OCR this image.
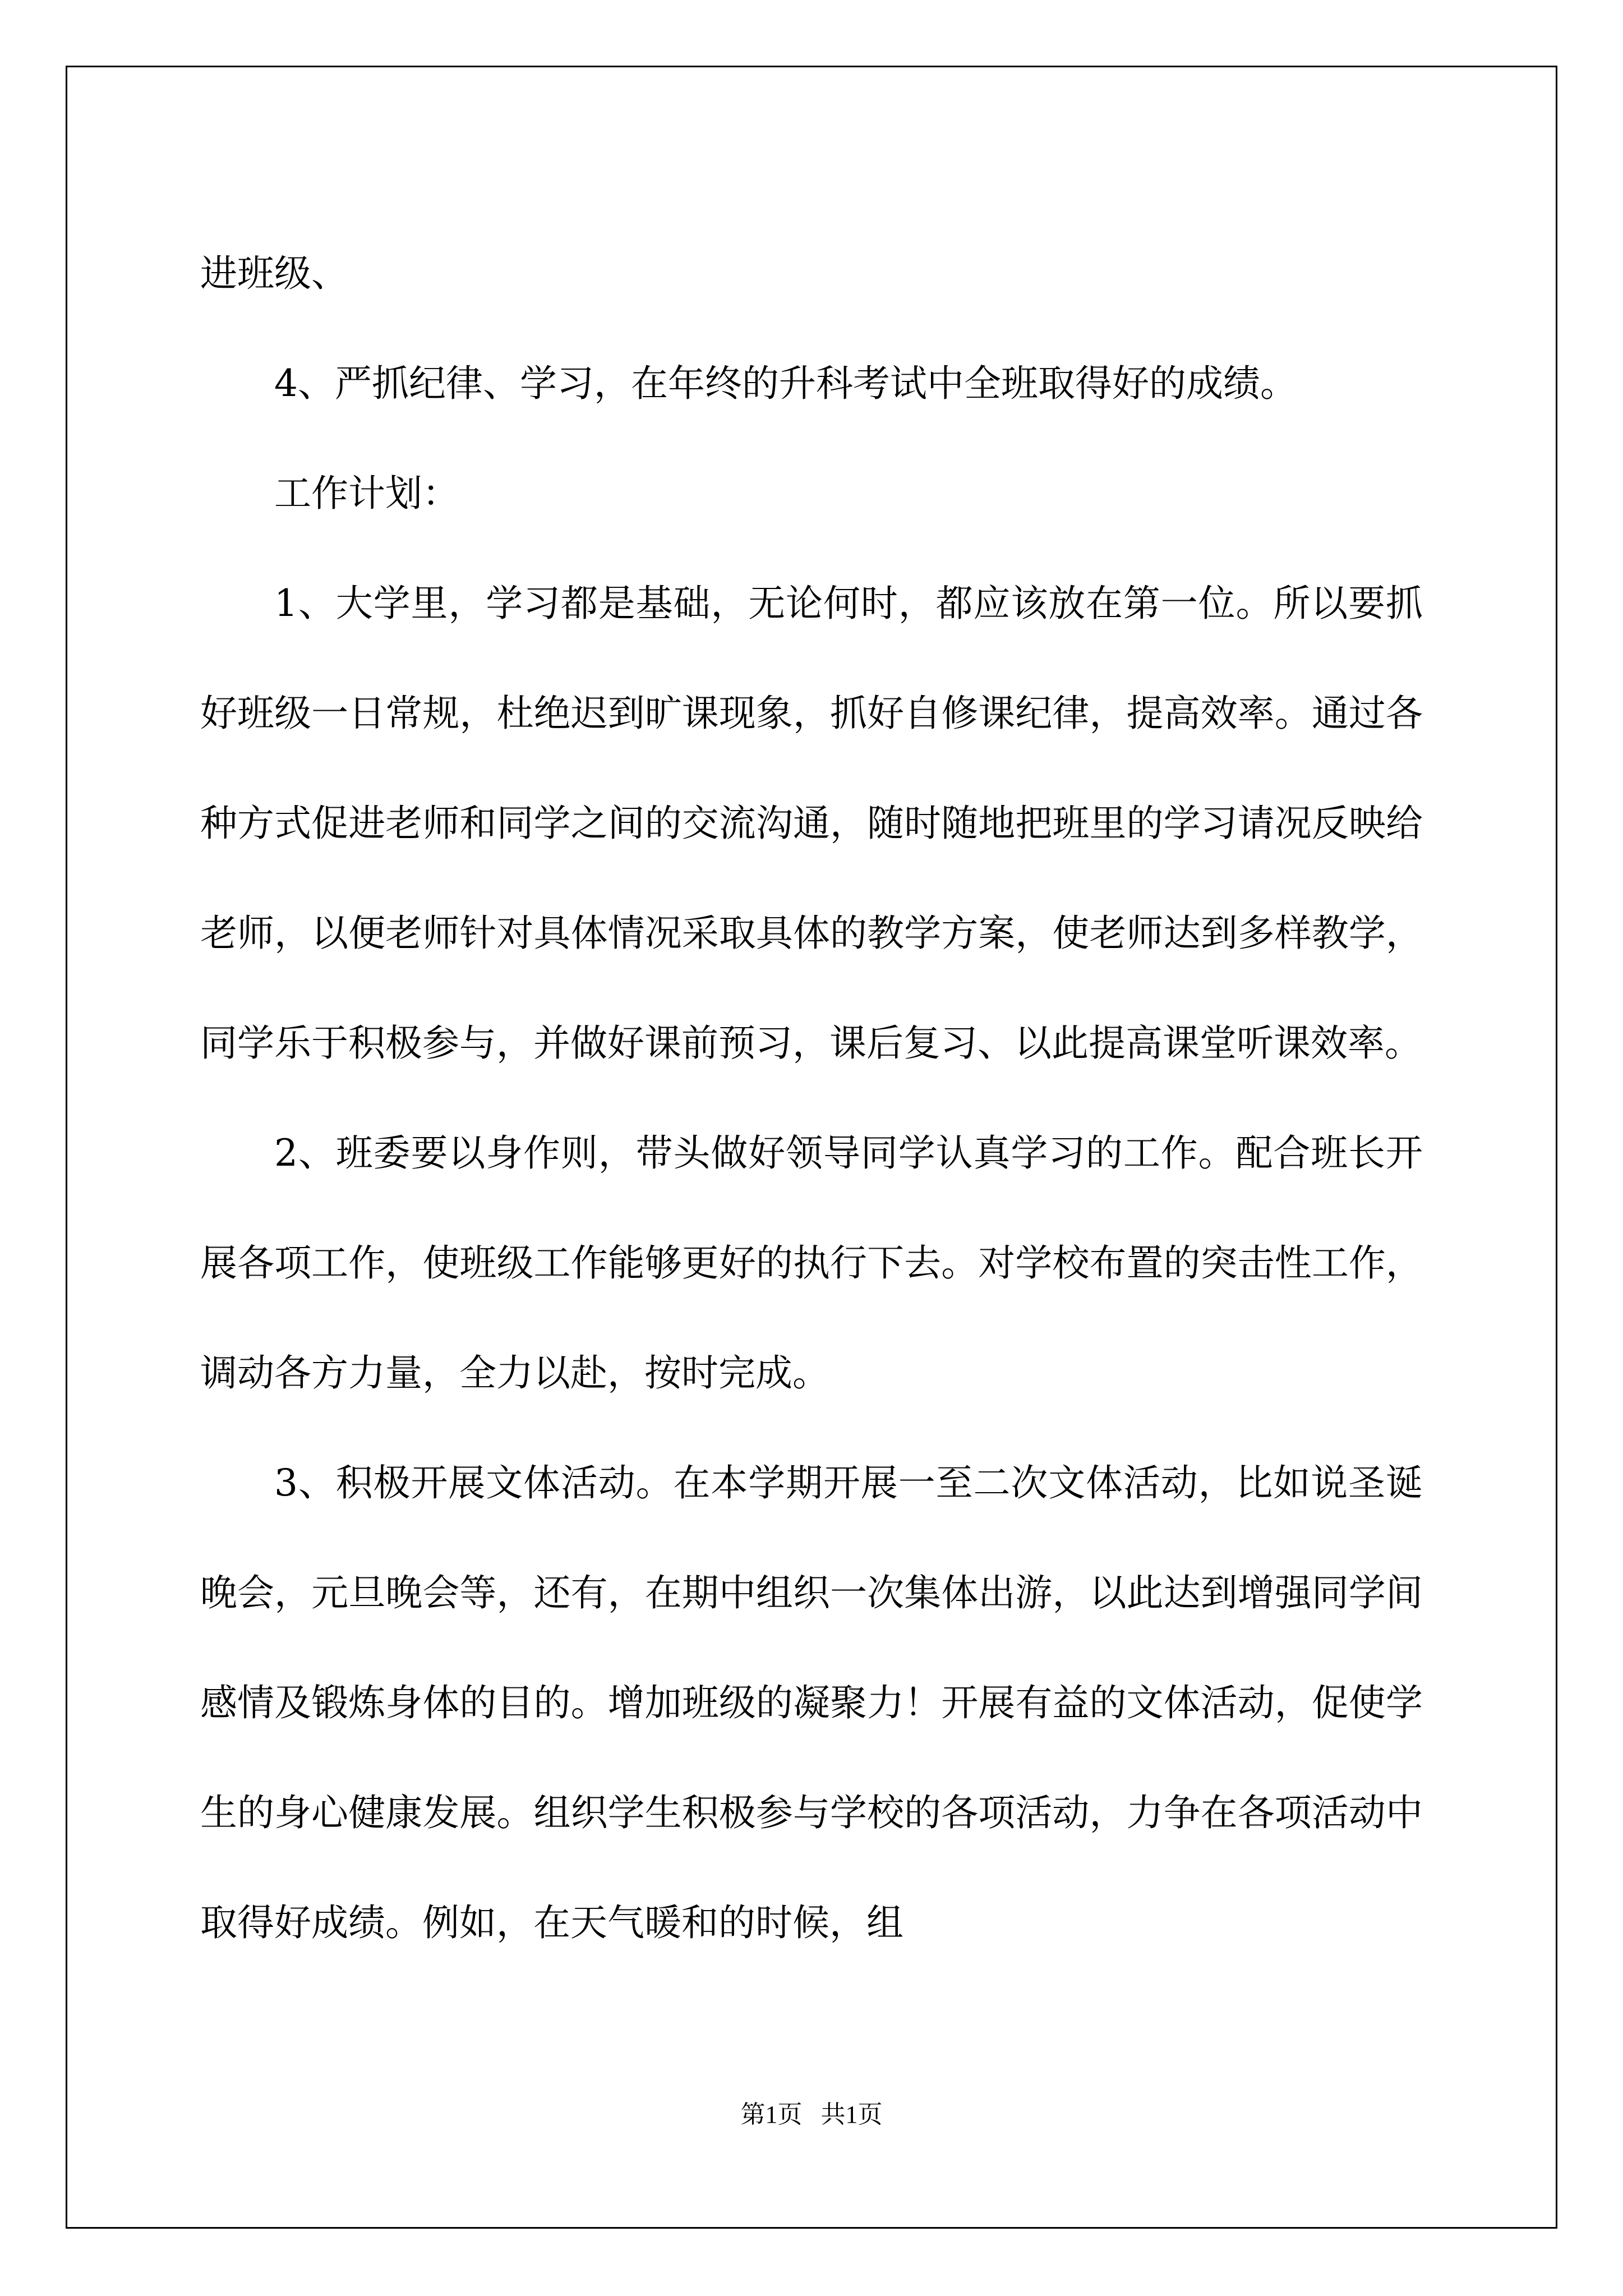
进班级、

4、严抓纪律、学习，在年终的升科考试中全班取得好的成绩。

工作计划：

1、大学里，学习都是基础，无论何时，都应该放在第一位。所以要抓好班级一日常规，杜绝迟到旷课现象，抓好自修课纪律，提高效率。通过各种方式促进老师和同学之间的交流沟通，随时随地把班里的学习请况反映给老师，以便老师针对具体情况采取具体的教学方案，使老师达到多样教学，同学乐于积极参与，并做好课前预习，课后复习、以此提高课堂听课效率。

2、班委要以身作则，带头做好领导同学认真学习的工作。配合班长开展各项工作，使班级工作能够更好的执行下去。对学校布置的突击性工作，调动各方力量，全力以赴，按时完成。

3、积极开展文体活动。在本学期开展一至二次文体活动，比如说圣诞晚会，元旦晚会等，还有，在期中组织一次集体出游，以此达到增强同学间感情及锻炼身体的目的。增加班级的凝聚力！开展有益的文体活动，促使学生的身心健康发展。组织学生积极参与学校的各项活动，力争在各项活动中取得好成绩。例如，在天气暖和的时候，组

第1页   共1页
